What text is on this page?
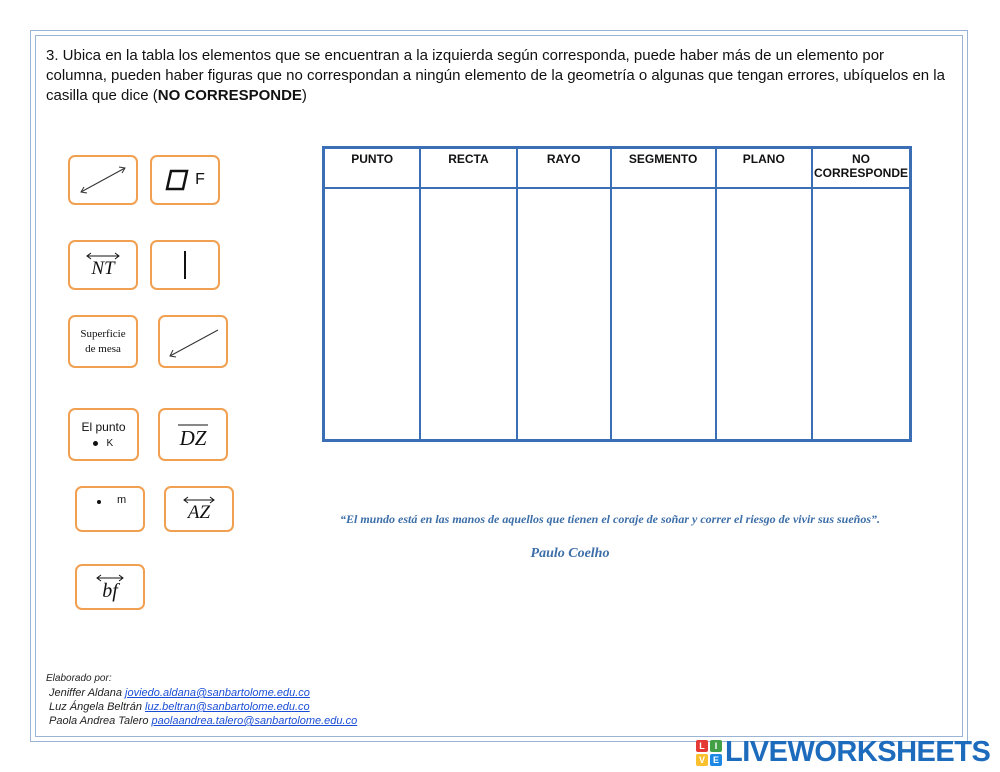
3. Ubica en la tabla los elementos que se encuentran a la izquierda según corresponda, puede haber más de un elemento por columna, pueden haber figuras que no correspondan a ningún elemento de la geometría o algunas que tengan errores, ubíquelos en la casilla que dice (NO CORRESPONDE)
F
NT
Superficie
de mesa
El punto
K	DZ
m
AZ
bf
PUNTO	RECTA	RAYO	SEGMENTO	PLANO	NO CORRESPONDE

“El mundo está en las manos de aquellos que tienen el coraje de soñar y correr el riesgo de vivir sus sueños”.
Paulo Coelho
Elaborado por:
Jeniffer Aldana joviedo.aldana@sanbartolome.edu.co
Luz Ángela Beltrán luz.beltran@sanbartolome.edu.co
Paola Andrea Talero paolaandrea.talero@sanbartolome.edu.co
L	I
V E LIVEWORKSHEETS
